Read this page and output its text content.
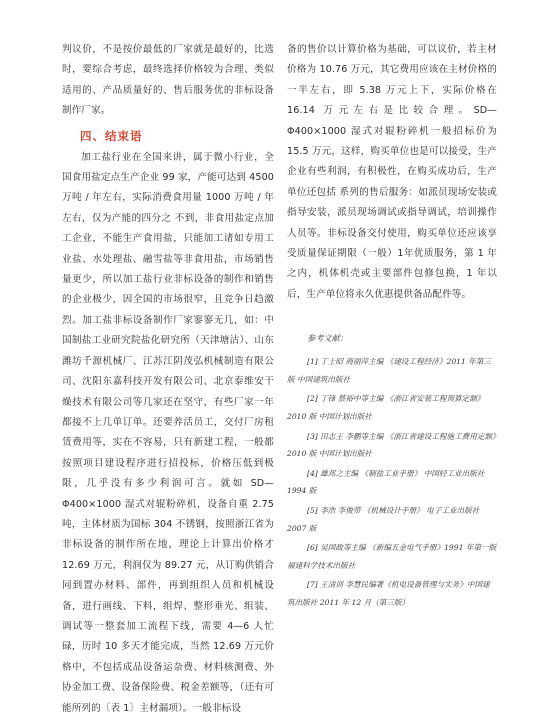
判议价，不是按价最低的厂家就是最好的，比选时，要综合考虑，最终选择价格较为合理、类似适用的、产品质量好的、售后服务优的非标设备制作厂家。

四、结束语

加工盐行业在全国来讲，属于微小行业，全国食用盐定点生产企业 99 家，产能可达到 4500 万吨 / 年左右，实际消费食用量 1000 万吨 / 年左右，仅为产能的四分之 不到，非食用盐定点加工企业，不能生产食用盐，只能加工诸如专用工业盐、水处理盐、融雪盐等非食用盐，市场销售量更少，所以加工盐行业非标设备的制作和销售的企业极少，因全国的市场很窄，且竞争日趋激烈。加工盐非标设备制作厂家寥寥无几，如：中国制盐工业研究院盐化研究所（天津塘沽）、山东潍坊千源机械厂、江苏江阴茂弘机械制造有限公司、沈阳东嘉科技开发有限公司、北京泰维安干燥技术有限公司等几家还在坚守，有些厂家一年都接不上几单订单。还要养活员工，交付厂房租赁费用等，实在不容易，只有新建工程，一般都按照项目建设程序进行招投标，价格压低到极限，几乎没有多少利润可言。就如 SD—Φ400×1000 湿式对辊粉碎机，设备自重 2.75 吨，主体材质为国标 304 不锈钢，按照浙江省为非标设备的制作所在地，理论上计算出价格才 12.69 万元，利润仅为 89.27 元，从订购供销合同到置办材料、部件，再到组织人员和机械设备，进行画线、下料，组焊、整形垂光、组装、调试等一整套加工流程下线，需要 4—6 人忙碌，历时 10 多天才能完成，当然 12.69 万元价格中，不包括成品设备运杂费、材料核测费、外协金加工费、设备保险费、税金差额等，（还有可能所列的〔表 1〕主材漏项）。一般非标设

备的售价以计算价格为基础，可以议价，若主材价格为 10.76 万元，其它费用应该在主材价格的一半左右，即 5.38 万元上下，实际价格在 16.14 万元左右是比较合理。SD—Φ400×1000 湿式对辊粉碎机一般招标价为 15.5 万元，这样，购买单位也是可以接受，生产企业有些利润，有积极性，在购买成功后，生产单位还包括 系列的售后服务：如派员现场安装或指导安装，派员现场调试或指导调试，培训操作人员等。非标设备交付使用，购买单位还应该享受质量保证期限（一般）1年优质服务，第 1 年之内，机体机壳或主要部件包修包换，1 年以后，生产单位将永久优惠提供备品配件等。

参考文献：
[1] 丁士昭 商丽萍主编 《建设工程经济》2011 年第三版 中国建筑出版社
[2] 丁锋 蔡裕中等主编 《浙江省安装工程预算定额》2010 版 中国计划出版社
[3] 田志王 李鹏等主编 《浙江省建设工程施工费用定额》2010 版 中国计划出版社
[4] 雄邦之主编 《制盐工业手册》 中国轻工业出版社 1994 版
[5] 李浩 李俊带 《机械设计手册》 电子工业出版社 2007 版
[6] 吴国政等主编 《新编五金电气手册》1991 年第一版 福建科学技术出版社
[7] 王清训 李慧民编著《机电设备管理与实务》中国建筑出版社 2011 年 12 月（第三版）
